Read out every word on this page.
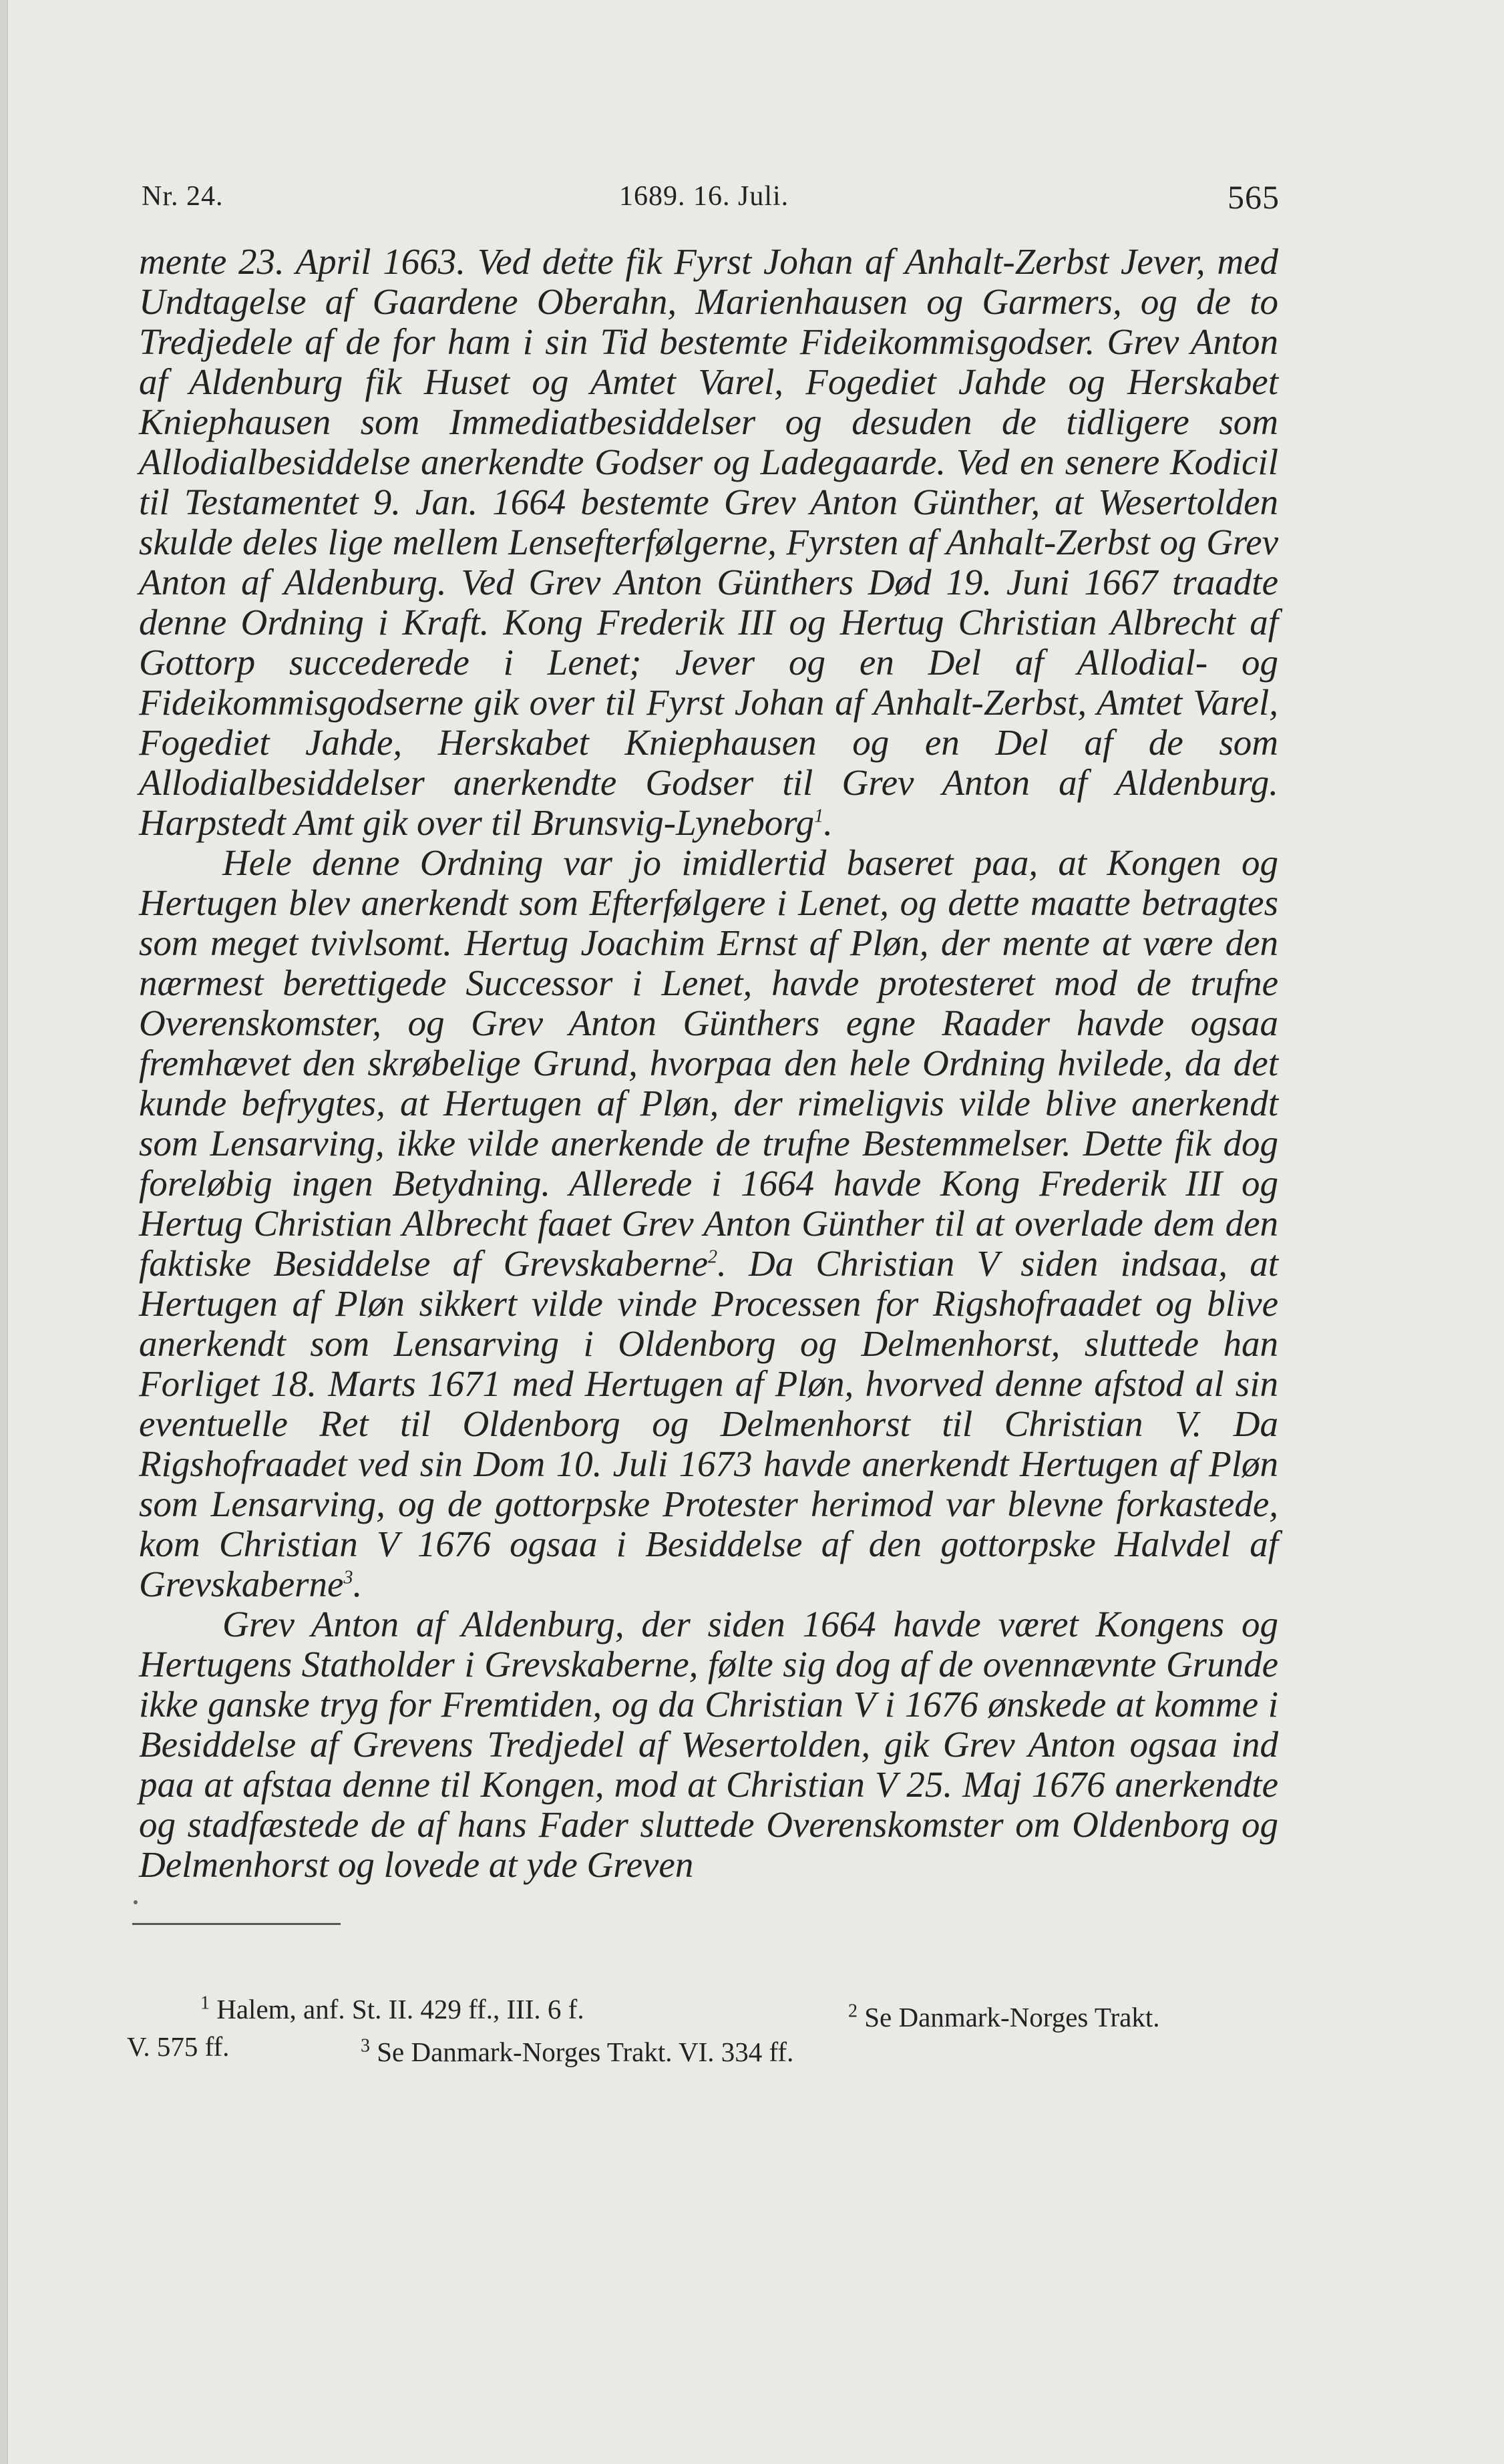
Nr. 24.	1689. 16. Juli.	565

mente 23. April 1663. Ved dette fik Fyrst Johan af Anhalt-Zerbst Jever, med Undtagelse af Gaardene Oberahn, Marienhausen og Garmers, og de to Tredjedele af de for ham i sin Tid bestemte Fideikommisgodser. Grev Anton af Aldenburg fik Huset og Amtet Varel, Fogediet Jahde og Herskabet Kniephausen som Immediatbesiddelser og desuden de tidligere som Allodialbesiddelse anerkendte Godser og Ladegaarde. Ved en senere Kodicil til Testamentet 9. Jan. 1664 bestemte Grev Anton Günther, at Wesertolden skulde deles lige mellem Lensefterfølgerne, Fyrsten af Anhalt-Zerbst og Grev Anton af Aldenburg. Ved Grev Anton Günthers Død 19. Juni 1667 traadte denne Ordning i Kraft. Kong Frederik III og Hertug Christian Albrecht af Gottorp succederede i Lenet; Jever og en Del af Allodial- og Fideikommisgodserne gik over til Fyrst Johan af Anhalt-Zerbst, Amtet Varel, Fogediet Jahde, Herskabet Kniephausen og en Del af de som Allodialbesiddelser anerkendte Godser til Grev Anton af Aldenburg. Harpstedt Amt gik over til Brunsvig-Lyneborg$^1$.

Hele denne Ordning var jo imidlertid baseret paa, at Kongen og Hertugen blev anerkendt som Efterfølgere i Lenet, og dette maatte betragtes som meget tvivlsomt. Hertug Joachim Ernst af Pløn, der mente at være den nærmest berettigede Successor i Lenet, havde protesteret mod de trufne Overenskomster, og Grev Anton Günthers egne Raader havde ogsaa fremhævet den skrøbelige Grund, hvorpaa den hele Ordning hvilede, da det kunde befrygtes, at Hertugen af Pløn, der rimeligvis vilde blive anerkendt som Lensarving, ikke vilde anerkende de trufne Bestemmelser. Dette fik dog foreløbig ingen Betydning. Allerede i 1664 havde Kong Frederik III og Hertug Christian Albrecht faaet Grev Anton Günther til at overlade dem den faktiske Besiddelse af Grevskaberne$^2$. Da Christian V siden indsaa, at Hertugen af Pløn sikkert vilde vinde Processen for Rigshofraadet og blive anerkendt som Lensarving i Oldenborg og Delmenhorst, sluttede han Forliget 18. Marts 1671 med Hertugen af Pløn, hvorved denne afstod al sin eventuelle Ret til Oldenborg og Delmenhorst til Christian V. Da Rigshofraadet ved sin Dom 10. Juli 1673 havde anerkendt Hertugen af Pløn som Lensarving, og de gottorpske Protester herimod var blevne forkastede, kom Christian V 1676 ogsaa i Besiddelse af den gottorpske Halvdel af Grevskaberne$^3$.

Grev Anton af Aldenburg, der siden 1664 havde været Kongens og Hertugens Statholder i Grevskaberne, følte sig dog af de ovennævnte Grunde ikke ganske tryg for Fremtiden, og da Christian V i 1676 ønskede at komme i Besiddelse af Grevens Tredjedel af Wesertolden, gik Grev Anton ogsaa ind paa at afstaa denne til Kongen, mod at Christian V 25. Maj 1676 anerkendte og stadfæstede de af hans Fader sluttede Overenskomster om Oldenborg og Delmenhorst og lovede at yde Greven

$^1$ Halem, anf. St. II. 429 ff., III. 6 f.	$^2$ Se Danmark-Norges Trakt.
V. 575 ff.	$^3$ Se Danmark-Norges Trakt. VI. 334 ff.
